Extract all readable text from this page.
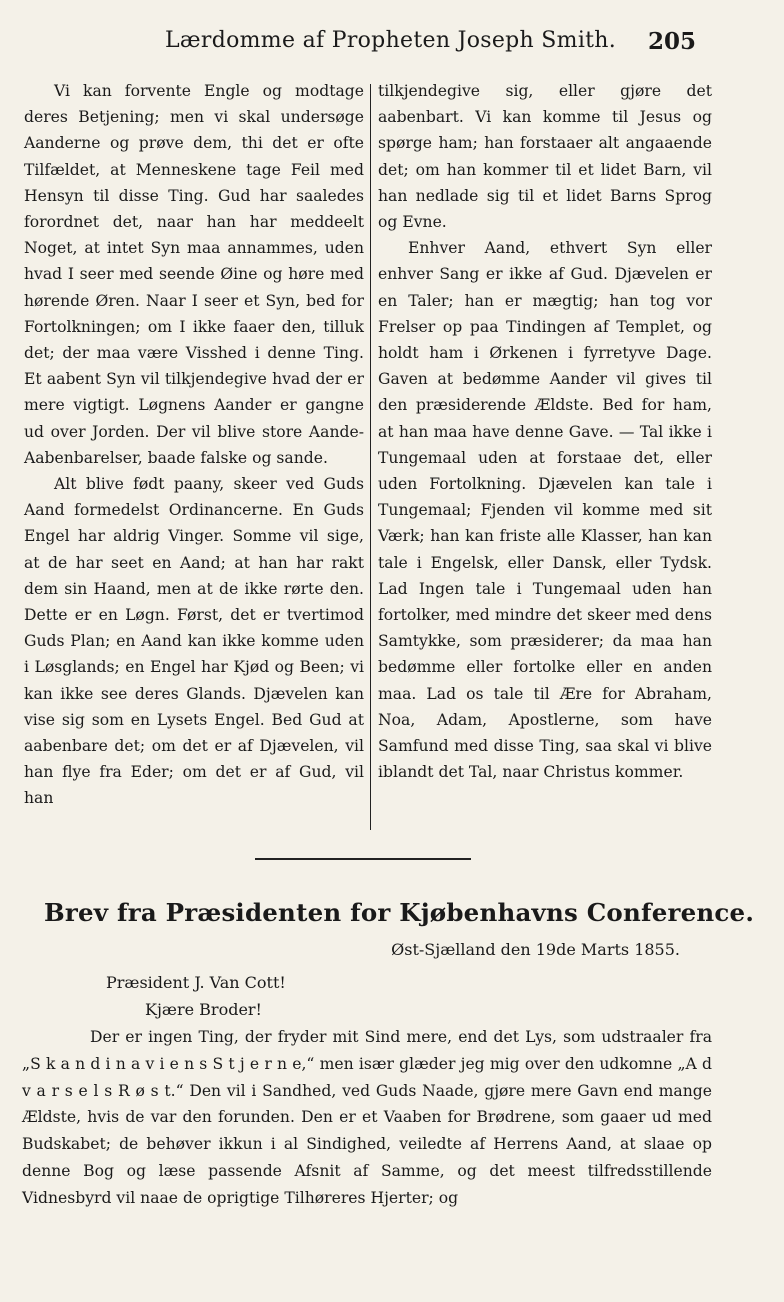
Lærdomme af Propheten Joseph Smith. 205

Vi kan forvente Engle og modtage deres Betjening; men vi skal undersøge Aanderne og prøve dem, thi det er ofte Tilfældet, at Menneskene tage Feil med Hensyn til disse Ting. Gud har saaledes forordnet det, naar han har meddeelt Noget, at intet Syn maa annammes, uden hvad I seer med seende Øine og høre med hørende Øren. Naar I seer et Syn, bed for Fortolkningen; om I ikke faaer den, tilluk det; der maa være Visshed i denne Ting. Et aabent Syn vil tilkjendegive hvad der er mere vigtigt. Løgnens Aander er gangne ud over Jorden. Der vil blive store Aande-Aabenbarelser, baade falske og sande.

Alt blive født paany, skeer ved Guds Aand formedelst Ordinancerne. En Guds Engel har aldrig Vinger. Somme vil sige, at de har seet en Aand; at han har rakt dem sin Haand, men at de ikke rørte den. Dette er en Løgn. Først, det er tvertimod Guds Plan; en Aand kan ikke komme uden i Løsglands; en Engel har Kjød og Been; vi kan ikke see deres Glands. Djævelen kan vise sig som en Lysets Engel. Bed Gud at aabenbare det; om det er af Djævelen, vil han flye fra Eder; om det er af Gud, vil han

tilkjendegive sig, eller gjøre det aabenbart. Vi kan komme til Jesus og spørge ham; han forstaaer alt angaaende det; om han kommer til et lidet Barn, vil han nedlade sig til et lidet Barns Sprog og Evne.

Enhver Aand, ethvert Syn eller enhver Sang er ikke af Gud. Djævelen er en Taler; han er mægtig; han tog vor Frelser op paa Tindingen af Templet, og holdt ham i Ørkenen i fyrretyve Dage. Gaven at bedømme Aander vil gives til den præsiderende Ældste. Bed for ham, at han maa have denne Gave. — Tal ikke i Tungemaal uden at forstaae det, eller uden Fortolkning. Djævelen kan tale i Tungemaal; Fjenden vil komme med sit Værk; han kan friste alle Klasser, han kan tale i Engelsk, eller Dansk, eller Tydsk. Lad Ingen tale i Tungemaal uden han fortolker, med mindre det skeer med dens Samtykke, som præsiderer; da maa han bedømme eller fortolke eller en anden maa. Lad os tale til Ære for Abraham, Noa, Adam, Apostlerne, som have Samfund med disse Ting, saa skal vi blive iblandt det Tal, naar Christus kommer.

Brev fra Præsidenten for Kjøbenhavns Conference.
Øst-Sjælland den 19de Marts 1855.
Præsident J. Van Cott!
Kjære Broder!

Der er ingen Ting, der fryder mit Sind mere, end det Lys, som udstraaler fra „S k a n d i n a v i e n s S t j e r n e,“ men især glæder jeg mig over den udkomne „A d v a r s e l s R ø s t.“ Den vil i Sandhed, ved Guds Naade, gjøre mere Gavn end mange Ældste, hvis de var den forunden. Den er et Vaaben for Brødrene, som gaaer ud med Budskabet; de behøver ikkun i al Sindighed, veiledte af Herrens Aand, at slaae op denne Bog og læse passende Afsnit af Samme, og det meest tilfredsstillende Vidnesbyrd vil naae de oprigtige Tilhøreres Hjerter; og
